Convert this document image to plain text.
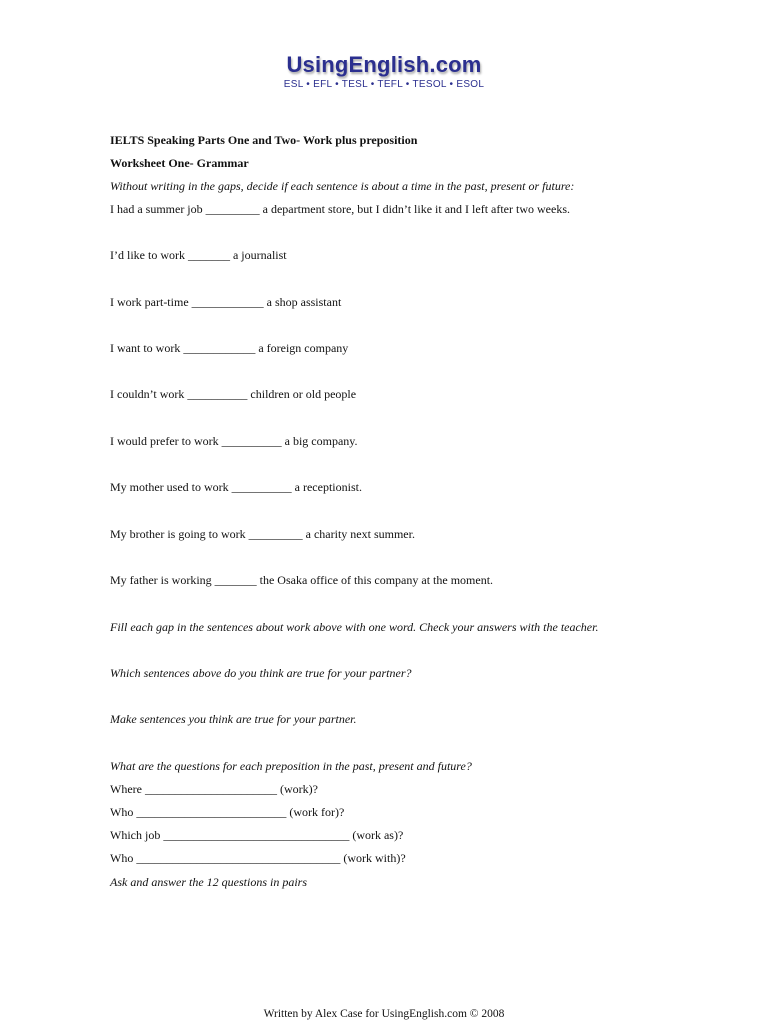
UsingEnglish.com
ESL • EFL • TESL • TEFL • TESOL • ESOL
IELTS Speaking Parts One and Two- Work plus preposition
Worksheet One- Grammar
Without writing in the gaps, decide if each sentence is about a time in the past, present or future:
I had a summer job _________ a department store, but I didn’t like it and I left after two weeks.
I’d like to work _______ a journalist
I work part-time ____________ a shop assistant
I want to work ____________ a foreign company
I couldn’t work __________ children or old people
I would prefer to work __________ a big company.
My mother used to work __________ a receptionist.
My brother is going to work _________ a charity next summer.
My father is working _______ the Osaka office of this company at the moment.
Fill each gap in the sentences about work above with one word. Check your answers with the teacher.
Which sentences above do you think are true for your partner?
Make sentences you think are true for your partner.
What are the questions for each preposition in the past, present and future?
Where ______________________ (work)?
Who _________________________ (work for)?
Which job _______________________________ (work as)?
Who __________________________________ (work with)?
Ask and answer the 12 questions in pairs
Written by Alex Case for UsingEnglish.com © 2008
